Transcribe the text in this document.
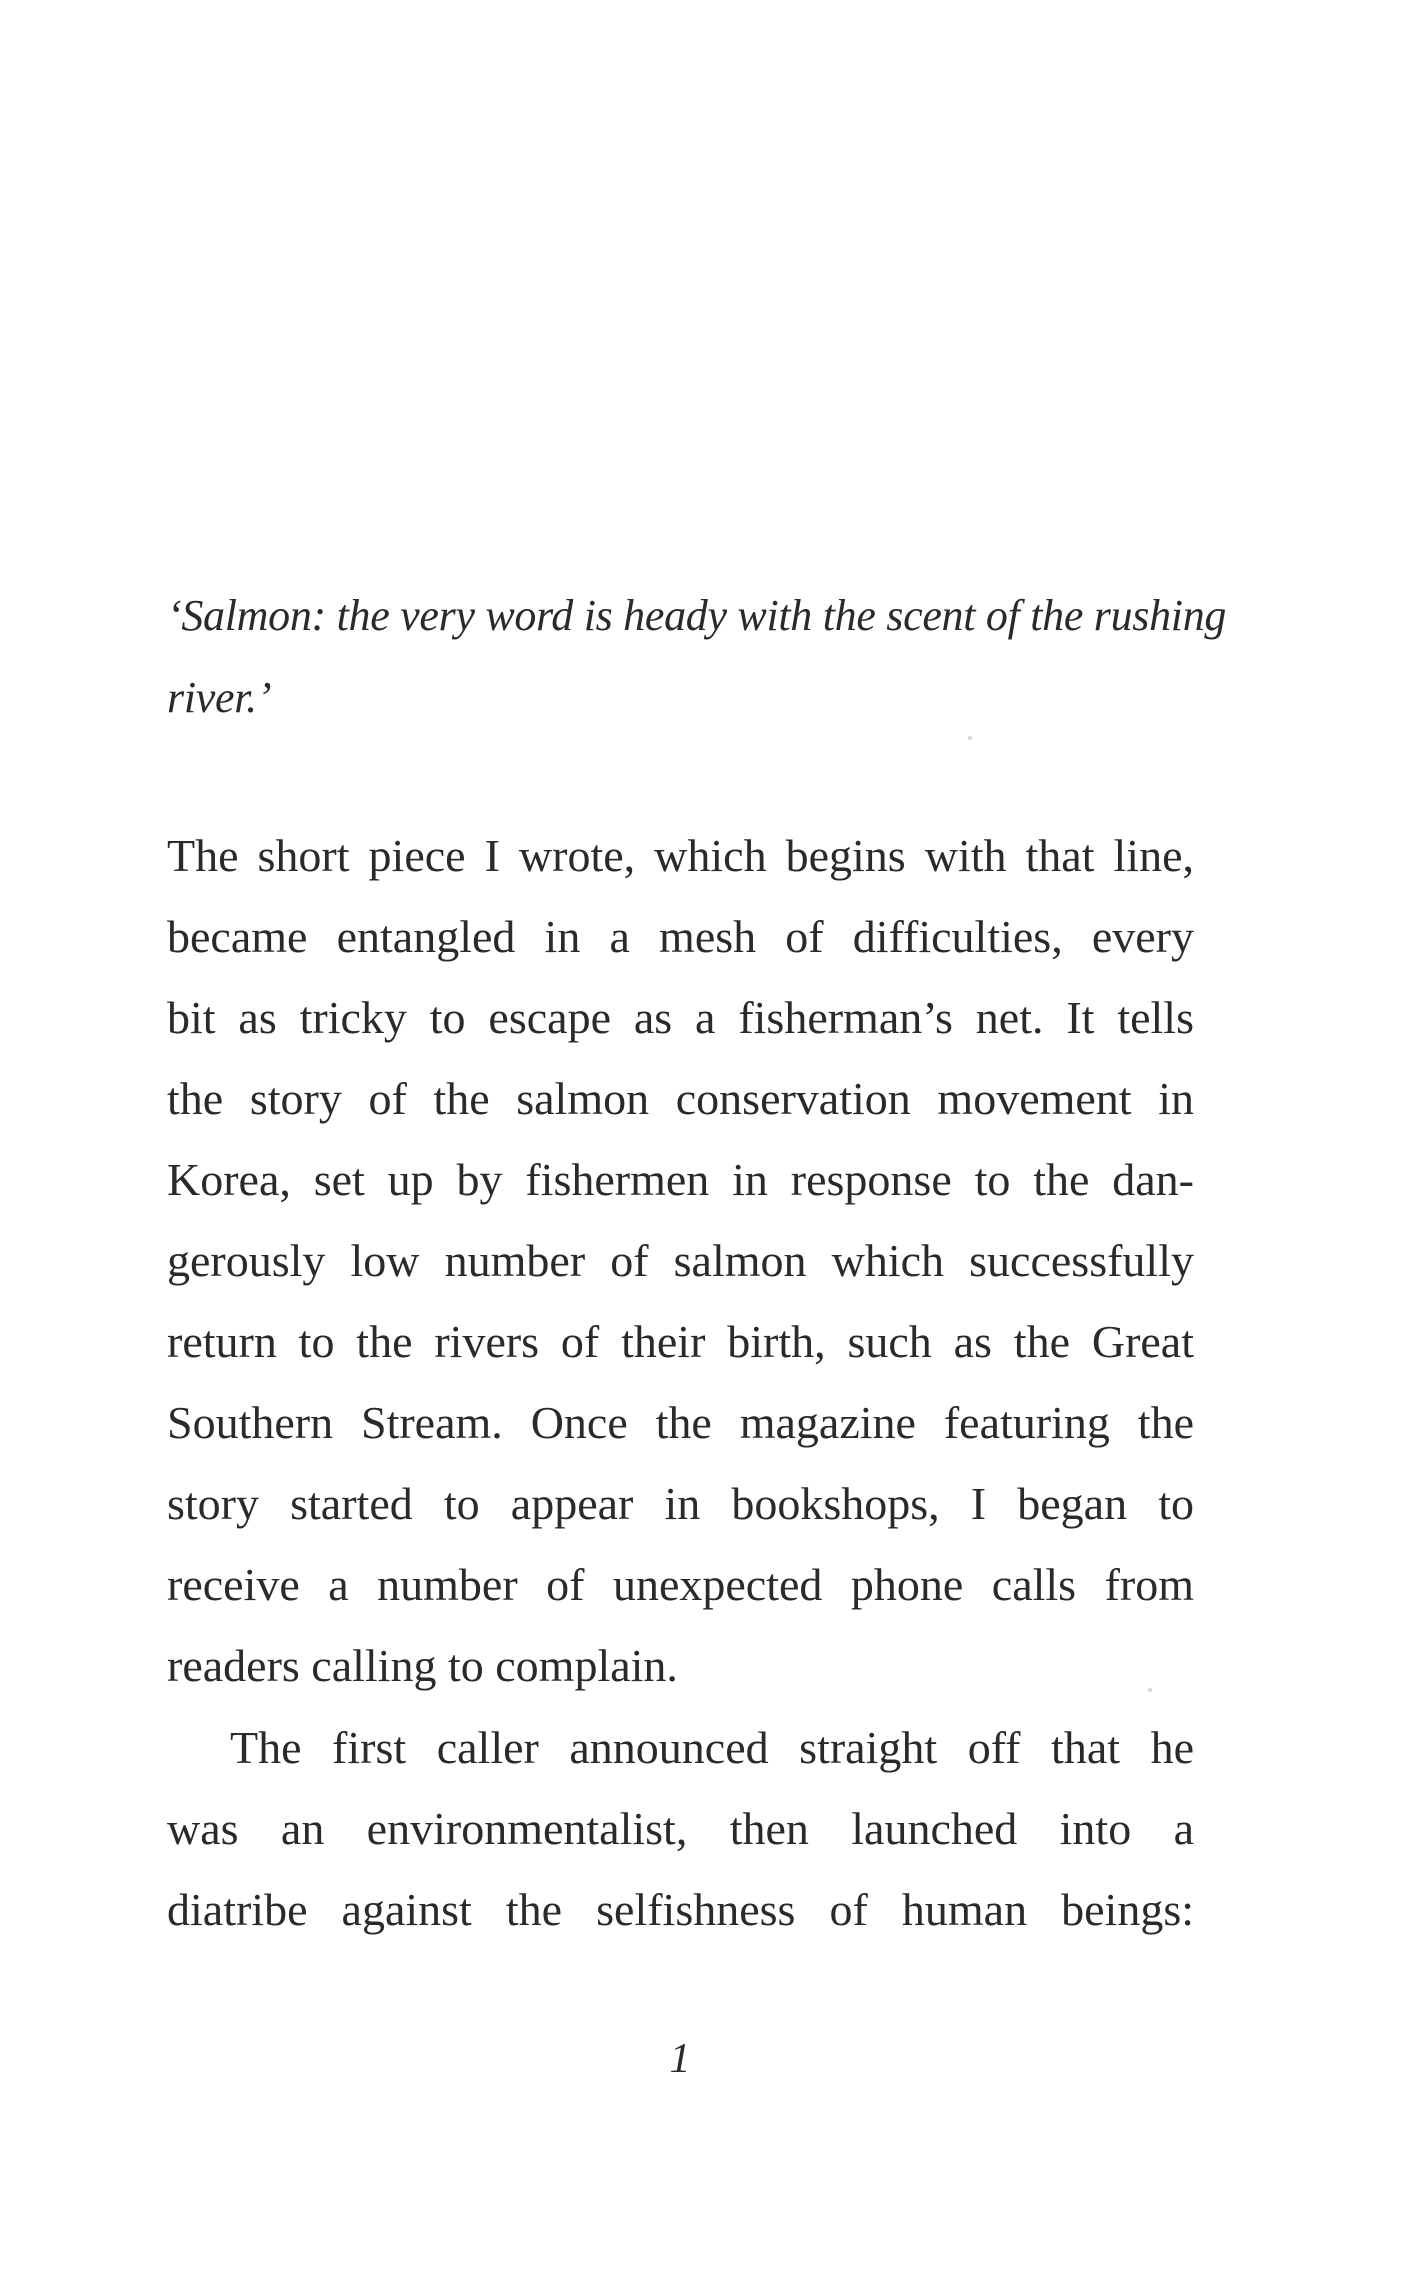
‘Salmon: the very word is heady with the scent of the rushing
river.’
The short piece I wrote, which begins with that line,
became entangled in a mesh of difficulties, every
bit as tricky to escape as a fisherman’s net. It tells
the story of the salmon conservation movement in
Korea, set up by fishermen in response to the dan-
gerously low number of salmon which successfully
return to the rivers of their birth, such as the Great
Southern Stream. Once the magazine featuring the
story started to appear in bookshops, I began to
receive a number of unexpected phone calls from
readers calling to complain.
The first caller announced straight off that he
was an environmentalist, then launched into a
diatribe against the selfishness of human beings:
1
